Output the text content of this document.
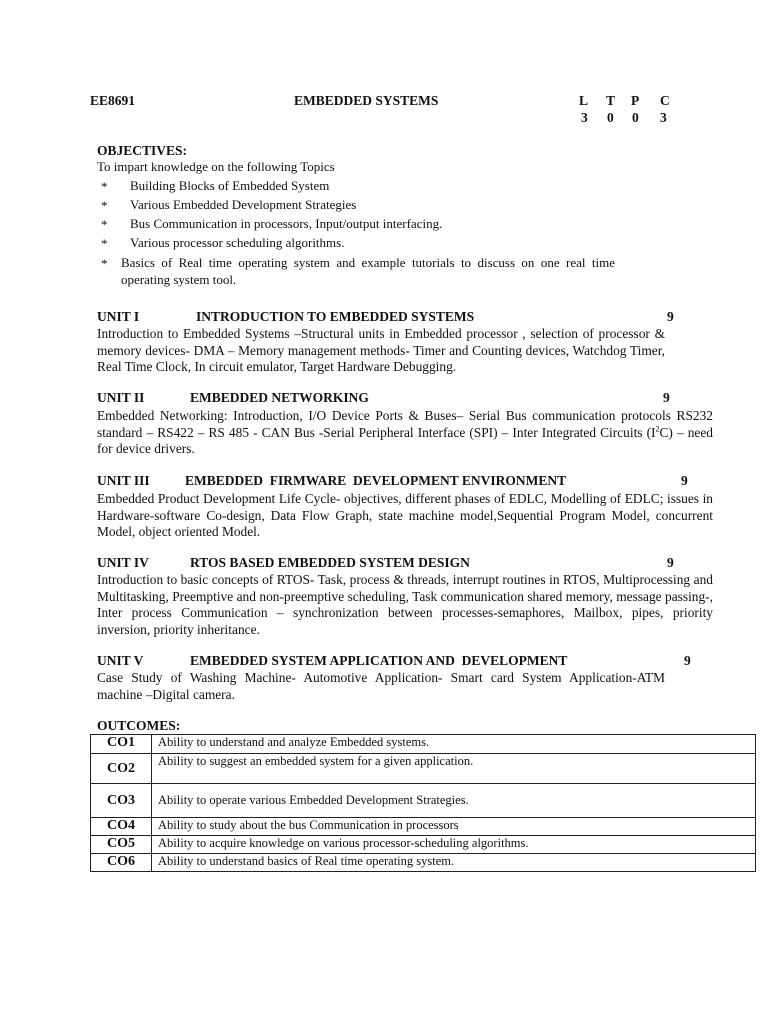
EE8691	EMBEDDED SYSTEMS	L T P C
3 0 0 3
OBJECTIVES:
To impart knowledge on the following Topics
* Building Blocks of Embedded System
* Various Embedded Development Strategies
* Bus Communication in processors, Input/output interfacing.
* Various processor scheduling algorithms.
* Basics of Real time operating system and example tutorials to discuss on one real time operating system tool.
UNIT I	INTRODUCTION TO EMBEDDED SYSTEMS	9
Introduction to Embedded Systems –Structural units in Embedded processor , selection of processor & memory devices- DMA – Memory management methods- Timer and Counting devices, Watchdog Timer, Real Time Clock, In circuit emulator, Target Hardware Debugging.
UNIT II	EMBEDDED NETWORKING	9
Embedded Networking: Introduction, I/O Device Ports & Buses– Serial Bus communication protocols RS232 standard – RS422 – RS 485 - CAN Bus -Serial Peripheral Interface (SPI) – Inter Integrated Circuits $(I^2C)$ – need for device drivers.
UNIT III	EMBEDDED  FIRMWARE  DEVELOPMENT ENVIRONMENT	9
Embedded Product Development Life Cycle- objectives, different phases of EDLC, Modelling of EDLC; issues in Hardware-software Co-design, Data Flow Graph, state machine model,Sequential Program Model, concurrent Model, object oriented Model.
UNIT IV	RTOS BASED EMBEDDED SYSTEM DESIGN	9
Introduction to basic concepts of RTOS- Task, process & threads, interrupt routines in RTOS, Multiprocessing and Multitasking, Preemptive and non-preemptive scheduling, Task communication shared memory, message passing-, Inter process Communication – synchronization between processes-semaphores, Mailbox, pipes, priority inversion, priority inheritance.
UNIT V	EMBEDDED SYSTEM APPLICATION AND  DEVELOPMENT	9
Case Study of Washing Machine- Automotive Application- Smart card System Application-ATM machine –Digital camera.
OUTCOMES:
CO1	Ability to understand and analyze Embedded systems.
CO2	Ability to suggest an embedded system for a given application.
CO3	Ability to operate various Embedded Development Strategies.
CO4	Ability to study about the bus Communication in processors
CO5	Ability to acquire knowledge on various processor-scheduling algorithms.
CO6	Ability to understand basics of Real time operating system.
